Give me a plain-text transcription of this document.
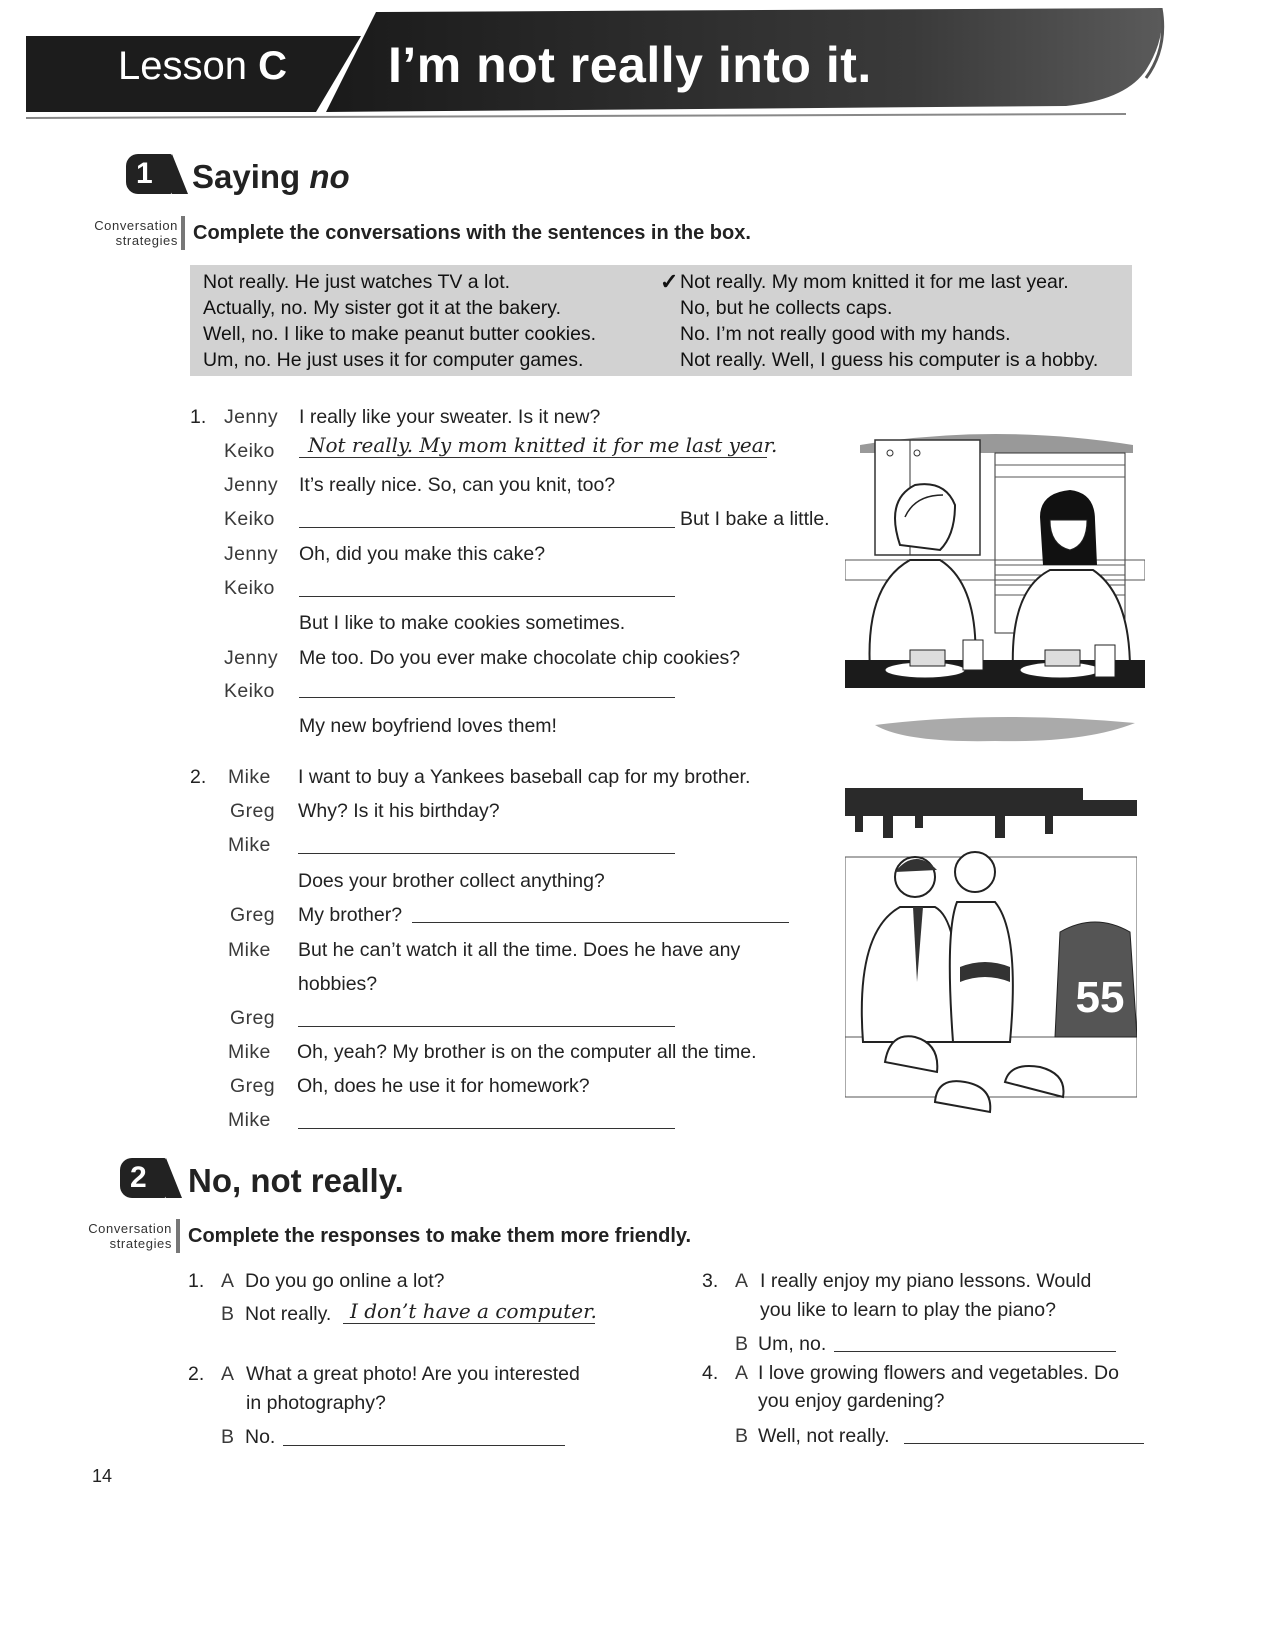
Lesson C I’m not really into it.
1 Saying no
Conversation
strategies Complete the conversations with the sentences in the box.
Not really. He just watches TV a lot.
Actually, no. My sister got it at the bakery.
Well, no. I like to make peanut butter cookies.
Um, no. He just uses it for computer games.
✓ Not really. My mom knitted it for me last year.
No, but he collects caps.
No. I’m not really good with my hands.
Not really. Well, I guess his computer is a hobby.
1. Jenny I really like your sweater. Is it new?
Keiko Not really. My mom knitted it for me last year.
Jenny It’s really nice. So, can you knit, too?
Keiko	But I bake a little.
Jenny Oh, did you make this cake?
Keiko
But I like to make cookies sometimes.
Jenny Me too. Do you ever make chocolate chip cookies?
Keiko
My new boyfriend loves them!
2. Mike I want to buy a Yankees baseball cap for my brother.
Greg Why? Is it his birthday?
Mike
Does your brother collect anything?
Greg My brother?
Mike But he can’t watch it all the time. Does he have any
hobbies?
Greg
Mike Oh, yeah? My brother is on the computer all the time.
Greg Oh, does he use it for homework?
Mike
55
2 No, not really.
Conversation
strategies Complete the responses to make them more friendly.
1. A Do you go online a lot?
B Not really. I don’t have a computer.
2. A What a great photo! Are you interested
in photography?
B No.
3. A I really enjoy my piano lessons. Would
you like to learn to play the piano?
B Um, no.
4. A I love growing flowers and vegetables. Do
you enjoy gardening?
B Well, not really.
14
